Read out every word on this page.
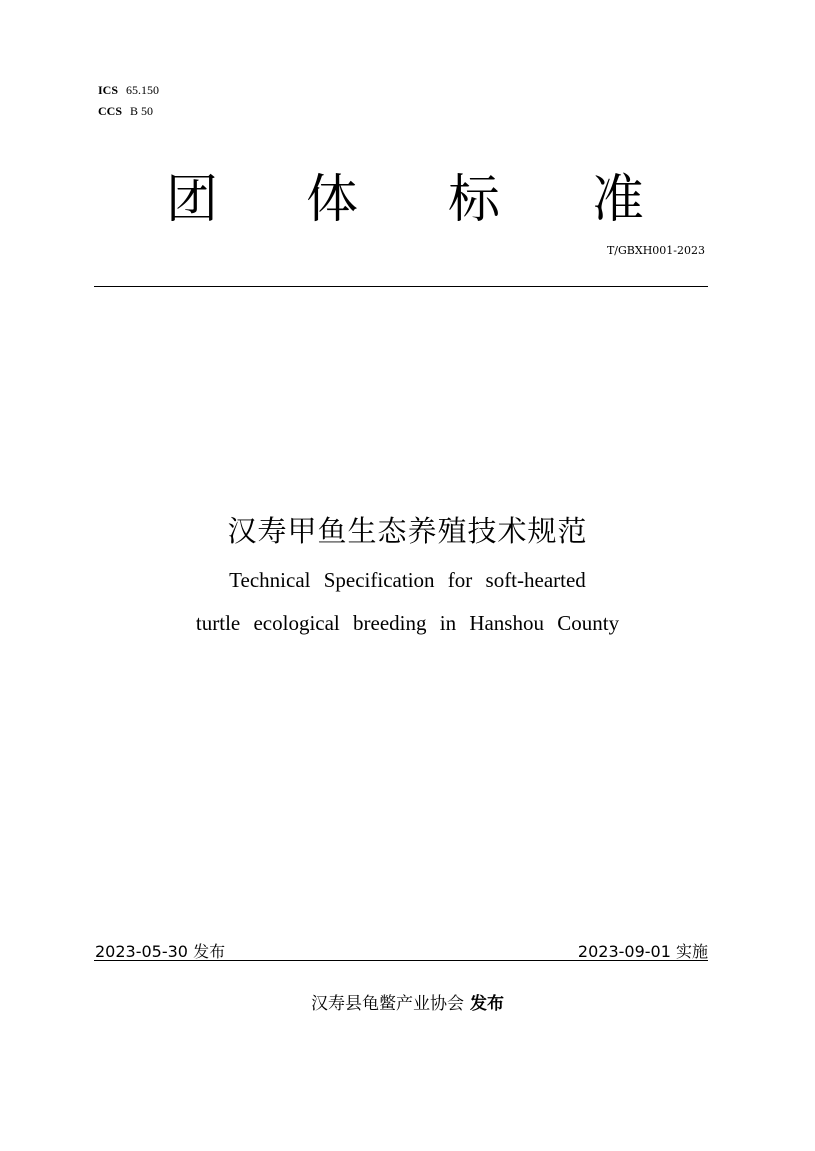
ICS 65.150
CCS B 50
团 体 标 准
T/GBXH001-2023
汉寿甲鱼生态养殖技术规范
Technical Specification for soft-hearted
turtle ecological breeding in Hanshou County
2023-05-30 发布	2023-09-01 实施
汉寿县龟鳖产业协会 发布
